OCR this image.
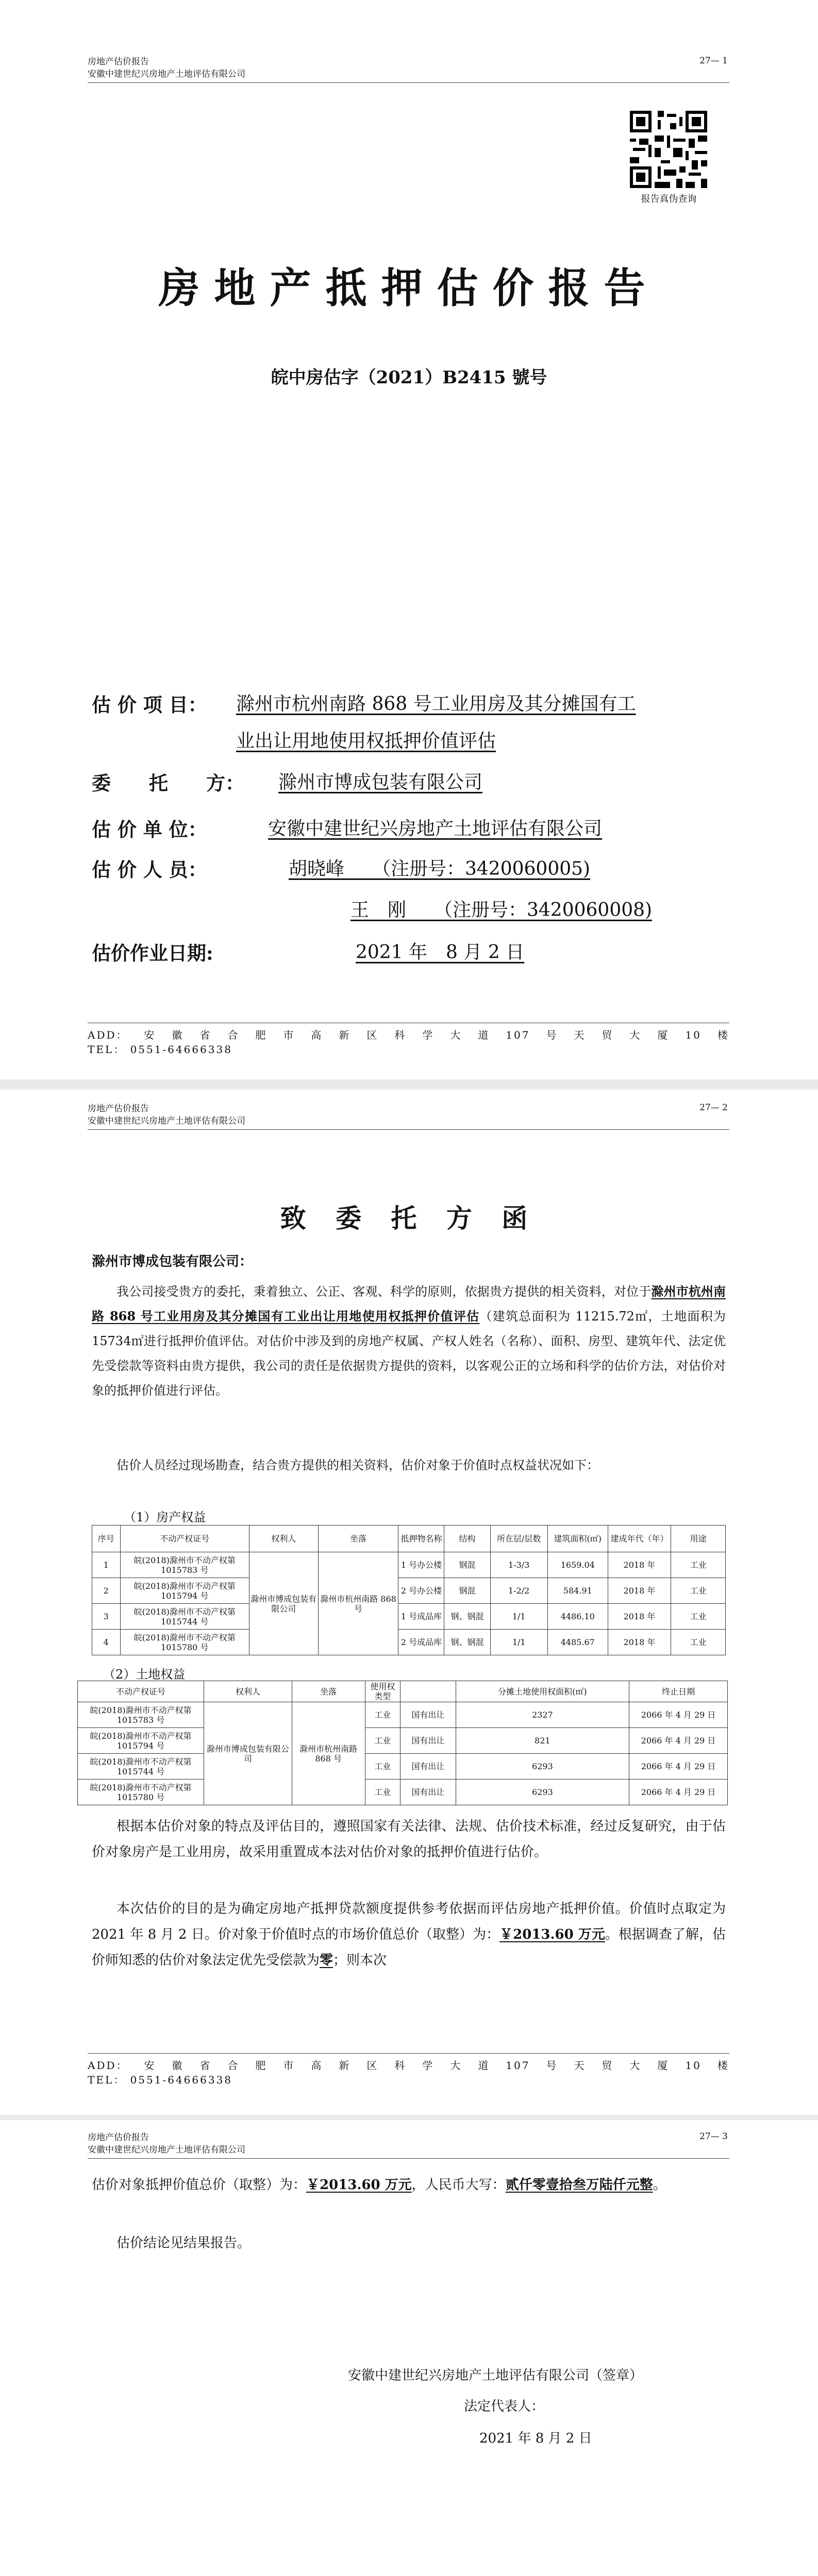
房地产估价报告
安徽中建世纪兴房地产土地评估有限公司
27— 1
报告真伪查询
房地产抵押估价报告
皖中房估字（2021）B2415 號号
估 价 项 目： 滁州市杭州南路 868 号工业用房及其分摊国有工
业出让用地使用权抵押价值评估
委　　托　　方： 滁州市博成包装有限公司
估 价 单 位：	安徽中建世纪兴房地产土地评估有限公司
估 价 人 员：	胡晓峰　　（注册号：3420060005)
王　刚　　（注册号：3420060008)
估价作业日期:	2021 年　8 月 2 日
ADD： 安 徽 省 合 肥 市 高 新 区 科 学 大 道 107 号 天 贸 大 厦 10 楼
TEL： 0551-64666338
房地产估价报告
安徽中建世纪兴房地产土地评估有限公司
27— 2
致 委 托 方 函
滁州市博成包装有限公司：
我公司接受贵方的委托，秉着独立、公正、客观、科学的原则，依据贵方提供的相关资料，对位于滁州市杭州南路 868 号工业用房及其分摊国有工业出让用地使用权抵押价值评估（建筑总面积为 11215.72㎡，土地面积为 15734㎡进行抵押价值评估。对估价中涉及到的房地产权属、产权人姓名（名称）、面积、房型、建筑年代、法定优先受偿款等资料由贵方提供，我公司的责任是依据贵方提供的资料，以客观公正的立场和科学的估价方法，对估价对象的抵押价值进行评估。
估价人员经过现场勘查，结合贵方提供的相关资料，估价对象于价值时点权益状况如下：
（1）房产权益
序号	不动产权证号	权利人	坐落	抵押物名称	结构	所在层/层数	建筑面积(㎡)	建成年代（年）	用途
1	皖(2018)滁州市不动产权第 1015783 号	滁州市博成包装有限公司	滁州市杭州南路 868 号	1 号办公楼	钢混	1-3/3	1659.04	2018 年	工业
2	皖(2018)滁州市不动产权第 1015794 号			2 号办公楼	钢混	1-2/2	584.91	2018 年	工业
3	皖(2018)滁州市不动产权第 1015744 号			1 号成品库	钢、钢混	1/1	4486.10	2018 年	工业
4	皖(2018)滁州市不动产权第 1015780 号			2 号成品库	钢、钢混	1/1	4485.67	2018 年	工业
（2）土地权益
不动产权证号	权利人	坐落	使用权类型		分摊土地使用权面积(㎡)	终止日期
皖(2018)滁州市不动产权第 1015783 号	滁州市博成包装有限公司	滁州市杭州南路 868 号	工业	国有出让	2327	2066 年 4 月 29 日
皖(2018)滁州市不动产权第 1015794 号			工业	国有出让	821	2066 年 4 月 29 日
皖(2018)滁州市不动产权第 1015744 号			工业	国有出让	6293	2066 年 4 月 29 日
皖(2018)滁州市不动产权第 1015780 号			工业	国有出让	6293	2066 年 4 月 29 日
根据本估价对象的特点及评估目的，遵照国家有关法律、法规、估价技术标准，经过反复研究，由于估价对象房产是工业用房，故采用重置成本法对估价对象的抵押价值进行估价。
本次估价的目的是为确定房地产抵押贷款额度提供参考依据而评估房地产抵押价值。价值时点取定为 2021 年 8 月 2 日。价对象于价值时点的市场价值总价（取整）为：￥2013.60 万元。根据调查了解，估价师知悉的估价对象法定优先受偿款为零；则本次
ADD： 安 徽 省 合 肥 市 高 新 区 科 学 大 道 107 号 天 贸 大 厦 10 楼
TEL： 0551-64666338
房地产估价报告
安徽中建世纪兴房地产土地评估有限公司
27— 3
估价对象抵押价值总价（取整）为：￥2013.60 万元，人民币大写：贰仟零壹拾叁万陆仟元整。
估价结论见结果报告。
安徽中建世纪兴房地产土地评估有限公司（签章）
法定代表人：
2021 年 8 月 2 日
